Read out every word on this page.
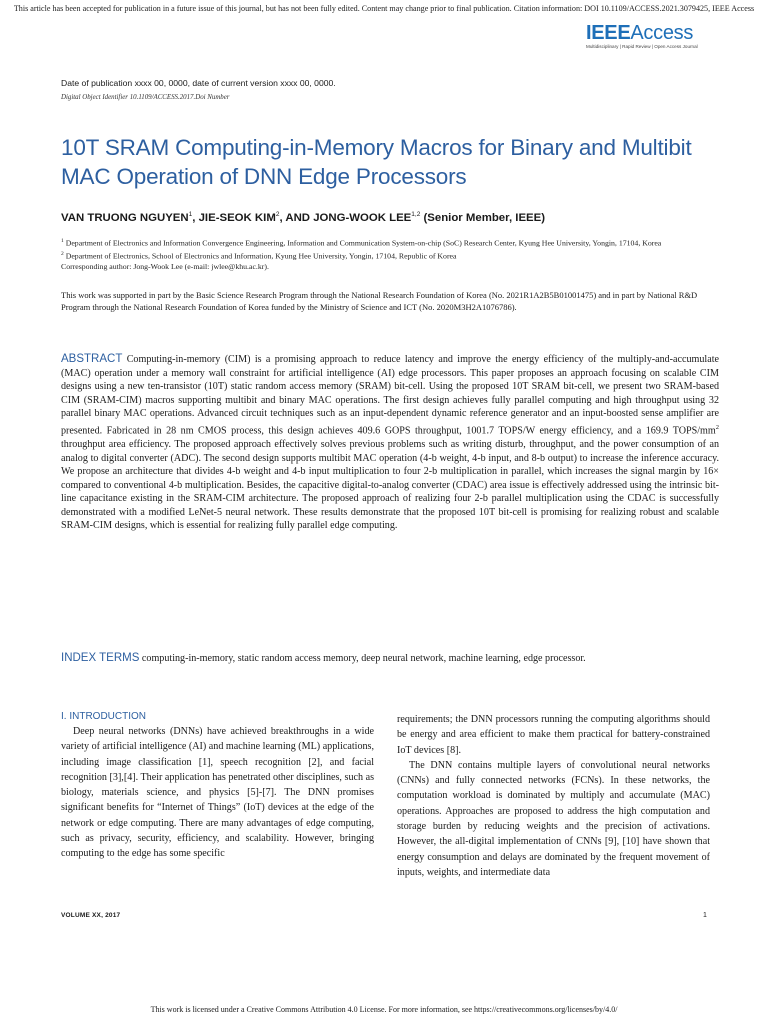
This article has been accepted for publication in a future issue of this journal, but has not been fully edited. Content may change prior to final publication. Citation information: DOI 10.1109/ACCESS.2021.3079425, IEEE Access
IEEEAccess
Multidisciplinary | Rapid Review | Open Access Journal
Date of publication xxxx 00, 0000, date of current version xxxx 00, 0000.
Digital Object Identifier 10.1109/ACCESS.2017.Doi Number
10T SRAM Computing-in-Memory Macros for Binary and Multibit MAC Operation of DNN Edge Processors
VAN TRUONG NGUYEN$^1$, JIE-SEOK KIM$^2$, AND JONG-WOOK LEE$^{1,2}$ (Senior Member, IEEE)
$^1$ Department of Electronics and Information Convergence Engineering, Information and Communication System-on-chip (SoC) Research Center, Kyung Hee University, Yongin, 17104, Korea
$^2$ Department of Electronics, School of Electronics and Information, Kyung Hee University, Yongin, 17104, Republic of Korea
Corresponding author: Jong-Wook Lee (e-mail: jwlee@khu.ac.kr).
This work was supported in part by the Basic Science Research Program through the National Research Foundation of Korea (No. 2021R1A2B5B01001475) and in part by National R&D Program through the National Research Foundation of Korea funded by the Ministry of Science and ICT (No. 2020M3H2A1076786).
ABSTRACT Computing-in-memory (CIM) is a promising approach to reduce latency and improve the energy efficiency of the multiply-and-accumulate (MAC) operation under a memory wall constraint for artificial intelligence (AI) edge processors. This paper proposes an approach focusing on scalable CIM designs using a new ten-transistor (10T) static random access memory (SRAM) bit-cell. Using the proposed 10T SRAM bit-cell, we present two SRAM-based CIM (SRAM-CIM) macros supporting multibit and binary MAC operations. The first design achieves fully parallel computing and high throughput using 32 parallel binary MAC operations. Advanced circuit techniques such as an input-dependent dynamic reference generator and an input-boosted sense amplifier are presented. Fabricated in 28 nm CMOS process, this design achieves 409.6 GOPS throughput, 1001.7 TOPS/W energy efficiency, and a 169.9 TOPS/$mm^2$ throughput area efficiency. The proposed approach effectively solves previous problems such as writing disturb, throughput, and the power consumption of an analog to digital converter (ADC). The second design supports multibit MAC operation (4-b weight, 4-b input, and 8-b output) to increase the inference accuracy. We propose an architecture that divides 4-b weight and 4-b input multiplication to four 2-b multiplication in parallel, which increases the signal margin by 16× compared to conventional 4-b multiplication. Besides, the capacitive digital-to-analog converter (CDAC) area issue is effectively addressed using the intrinsic bit-line capacitance existing in the SRAM-CIM architecture. The proposed approach of realizing four 2-b parallel multiplication using the CDAC is successfully demonstrated with a modified LeNet-5 neural network. These results demonstrate that the proposed 10T bit-cell is promising for realizing robust and scalable SRAM-CIM designs, which is essential for realizing fully parallel edge computing.
INDEX TERMS computing-in-memory, static random access memory, deep neural network, machine learning, edge processor.
I. INTRODUCTION

Deep neural networks (DNNs) have achieved breakthroughs in a wide variety of artificial intelligence (AI) and machine learning (ML) applications, including image classification [1], speech recognition [2], and facial recognition [3],[4]. Their application has penetrated other disciplines, such as biology, materials science, and physics [5]-[7]. The DNN promises significant benefits for “Internet of Things” (IoT) devices at the edge of the network or edge computing. There are many advantages of edge computing, such as privacy, security, efficiency, and scalability. However, bringing computing to the edge has some specific

requirements; the DNN processors running the computing algorithms should be energy and area efficient to make them practical for battery-constrained IoT devices [8].

The DNN contains multiple layers of convolutional neural networks (CNNs) and fully connected networks (FCNs). In these networks, the computation workload is dominated by multiply and accumulate (MAC) operations. Approaches are proposed to address the high computation and storage burden by reducing weights and the precision of activations. However, the all-digital implementation of CNNs [9], [10] have shown that energy consumption and delays are dominated by the frequent movement of inputs, weights, and intermediate data

VOLUME XX, 2017	1
This work is licensed under a Creative Commons Attribution 4.0 License. For more information, see https://creativecommons.org/licenses/by/4.0/
